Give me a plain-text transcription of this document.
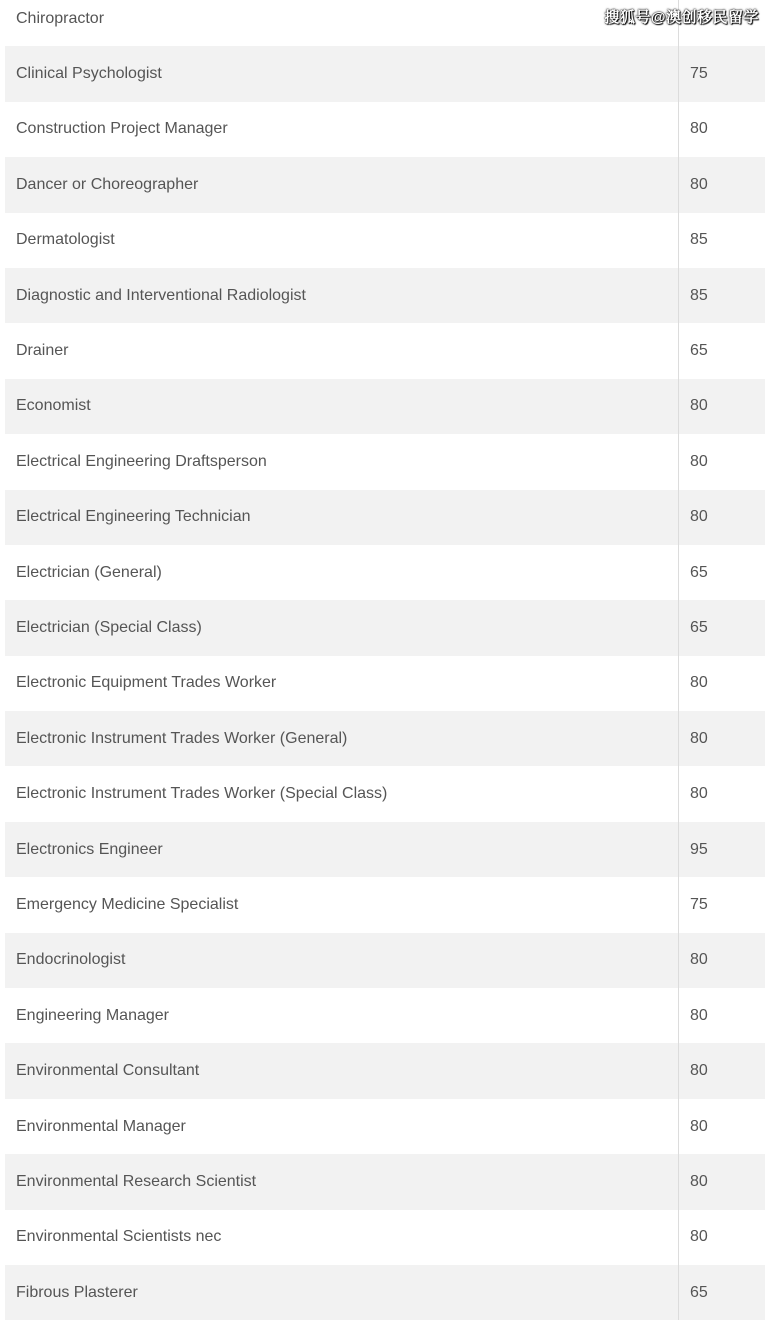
Chiropractor
Clinical Psychologist	75
Construction Project Manager	80
Dancer or Choreographer	80
Dermatologist	85
Diagnostic and Interventional Radiologist	85
Drainer	65
Economist	80
Electrical Engineering Draftsperson	80
Electrical Engineering Technician	80
Electrician (General)	65
Electrician (Special Class)	65
Electronic Equipment Trades Worker	80
Electronic Instrument Trades Worker (General)	80
Electronic Instrument Trades Worker (Special Class)	80
Electronics Engineer	95
Emergency Medicine Specialist	75
Endocrinologist	80
Engineering Manager	80
Environmental Consultant	80
Environmental Manager	80
Environmental Research Scientist	80
Environmental Scientists nec	80
Fibrous Plasterer	65
搜狐号@澳创移民留学
